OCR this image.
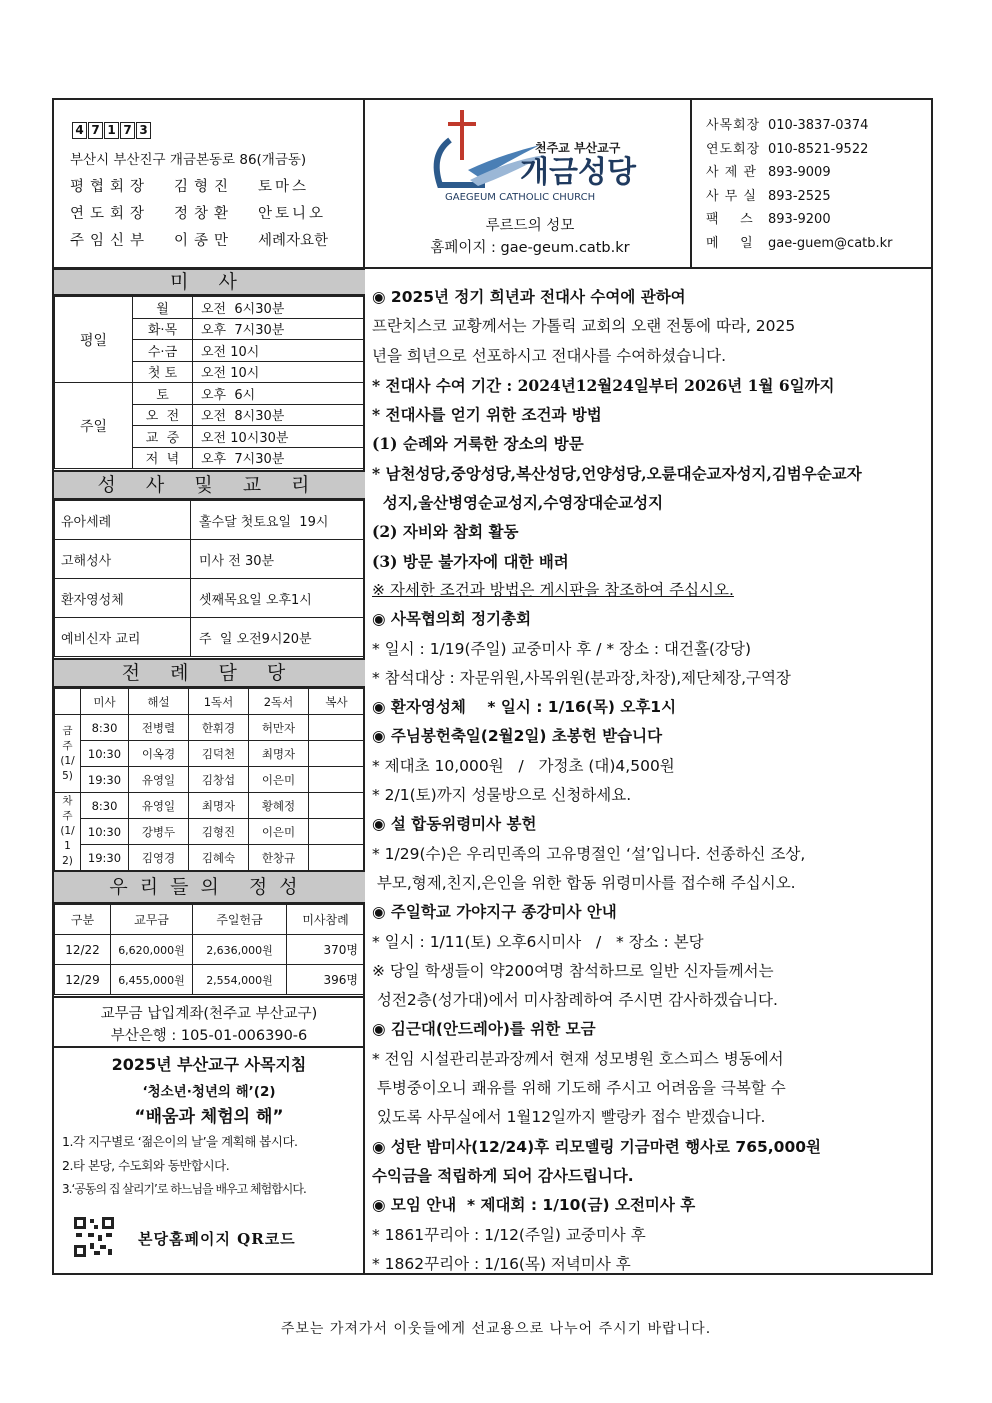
4 7 1 7 3
부산시 부산진구 개금본동로 86(개금동)
평협회장	김형진	토마스
연도회장	정창환	안토니오
주임신부	이종만	세례자요한
천주교 부산교구
개금성당
GAEGEUM CATHOLIC CHURCH
루르드의 성모
홈페이지 : gae-geum.catb.kr
사목회장 010-3837-0374
연도회장 010-8521-9522
사 제 관 893-9009
사 무 실 893-2525
팩    스	893-9200
메    일	gae-guem@catb.kr
미 사
평일	월	오전  6시30분
	화·목	오후  7시30분
	수·금	오전 10시
	첫 토	오전 10시
주일	토	오후  6시
	오  전	오전  8시30분
	교  중	오전 10시30분
	저  녁	오후  7시30분
성 사 및 교 리
유아세례	홀수달 첫토요일  19시
고해성사	미사 전 30분
환자영성체	셋째목요일 오후1시
예비신자 교리	주  일 오전9시20분
전 례 담 당
	미사	해설	1독서	2독서	복사
금주(1/5)	8:30	전병렬	한휘경	허만자	
	10:30	이옥경	김덕천	최명자	
	19:30	유영일	김창섭	이은미	
차주(1/12)	8:30	유영일	최명자	황혜정	
	10:30	강병두	김형진	이은미	
	19:30	김영경	김혜숙	한창규	
우리들의 정성
구분	교무금	주일헌금	미사참례
12/22	6,620,000원	2,636,000원	370명
12/29	6,455,000원	2,554,000원	396명
교무금 납입계좌(천주교 부산교구)
부산은행 : 105-01-006390-6
2025년 부산교구 사목지침
‘청소년·청년의 해’(2)
“배움과 체험의 해”
1.각 지구별로 ‘젊은이의 날’을 계획해 봅시다.
2.타 본당, 수도회와 동반합시다.
3.‘공동의 집 살리기’로 하느님을 배우고 체험합시다.
본당홈페이지 QR코드
◉ 2025년 정기 희년과 전대사 수여에 관하여
프란치스코 교황께서는 가톨릭 교회의 오랜 전통에 따라, 2025
년을 희년으로 선포하시고 전대사를 수여하셨습니다.
* 전대사 수여 기간 : 2024년12월24일부터 2026년 1월 6일까지
* 전대사를 얻기 위한 조건과 방법
(1) 순례와 거룩한 장소의 방문
* 남천성당,중앙성당,복산성당,언양성당,오륜대순교자성지,김범우순교자
성지,울산병영순교성지,수영장대순교성지
(2) 자비와 참회 활동
(3) 방문 불가자에 대한 배려
※ 자세한 조건과 방법은 게시판을 참조하여 주십시오.
◉ 사목협의회 정기총회
* 일시 : 1/19(주일) 교중미사 후 / * 장소 : 대건홀(강당)
* 참석대상 : 자문위원,사목위원(분과장,차장),제단체장,구역장
◉ 환자영성체    * 일시 : 1/16(목) 오후1시
◉ 주님봉헌축일(2월2일) 초봉헌 받습니다
* 제대초 10,000원   /   가정초 (대)4,500원
* 2/1(토)까지 성물방으로 신청하세요.
◉ 설 합동위령미사 봉헌
* 1/29(수)은 우리민족의 고유명절인 ‘설’입니다. 선종하신 조상,
부모,형제,친지,은인을 위한 합동 위령미사를 접수해 주십시오.
◉ 주일학교 가야지구 종강미사 안내
* 일시 : 1/11(토) 오후6시미사   /   * 장소 : 본당
※ 당일 학생들이 약200여명 참석하므로 일반 신자들께서는
성전2층(성가대)에서 미사참례하여 주시면 감사하겠습니다.
◉ 김근대(안드레아)를 위한 모금
* 전임 시설관리분과장께서 현재 성모병원 호스피스 병동에서
투병중이오니 쾌유를 위해 기도해 주시고 어려움을 극복할 수
있도록 사무실에서 1월12일까지 빨랑카 접수 받겠습니다.
◉ 성탄 밤미사(12/24)후 리모델링 기금마련 행사로 765,000원
수익금을 적립하게 되어 감사드립니다.
◉ 모임 안내  * 제대회 : 1/10(금) 오전미사 후
* 1861꾸리아 : 1/12(주일) 교중미사 후
* 1862꾸리아 : 1/16(목) 저녁미사 후
주보는 가져가서 이웃들에게 선교용으로 나누어 주시기 바랍니다.
